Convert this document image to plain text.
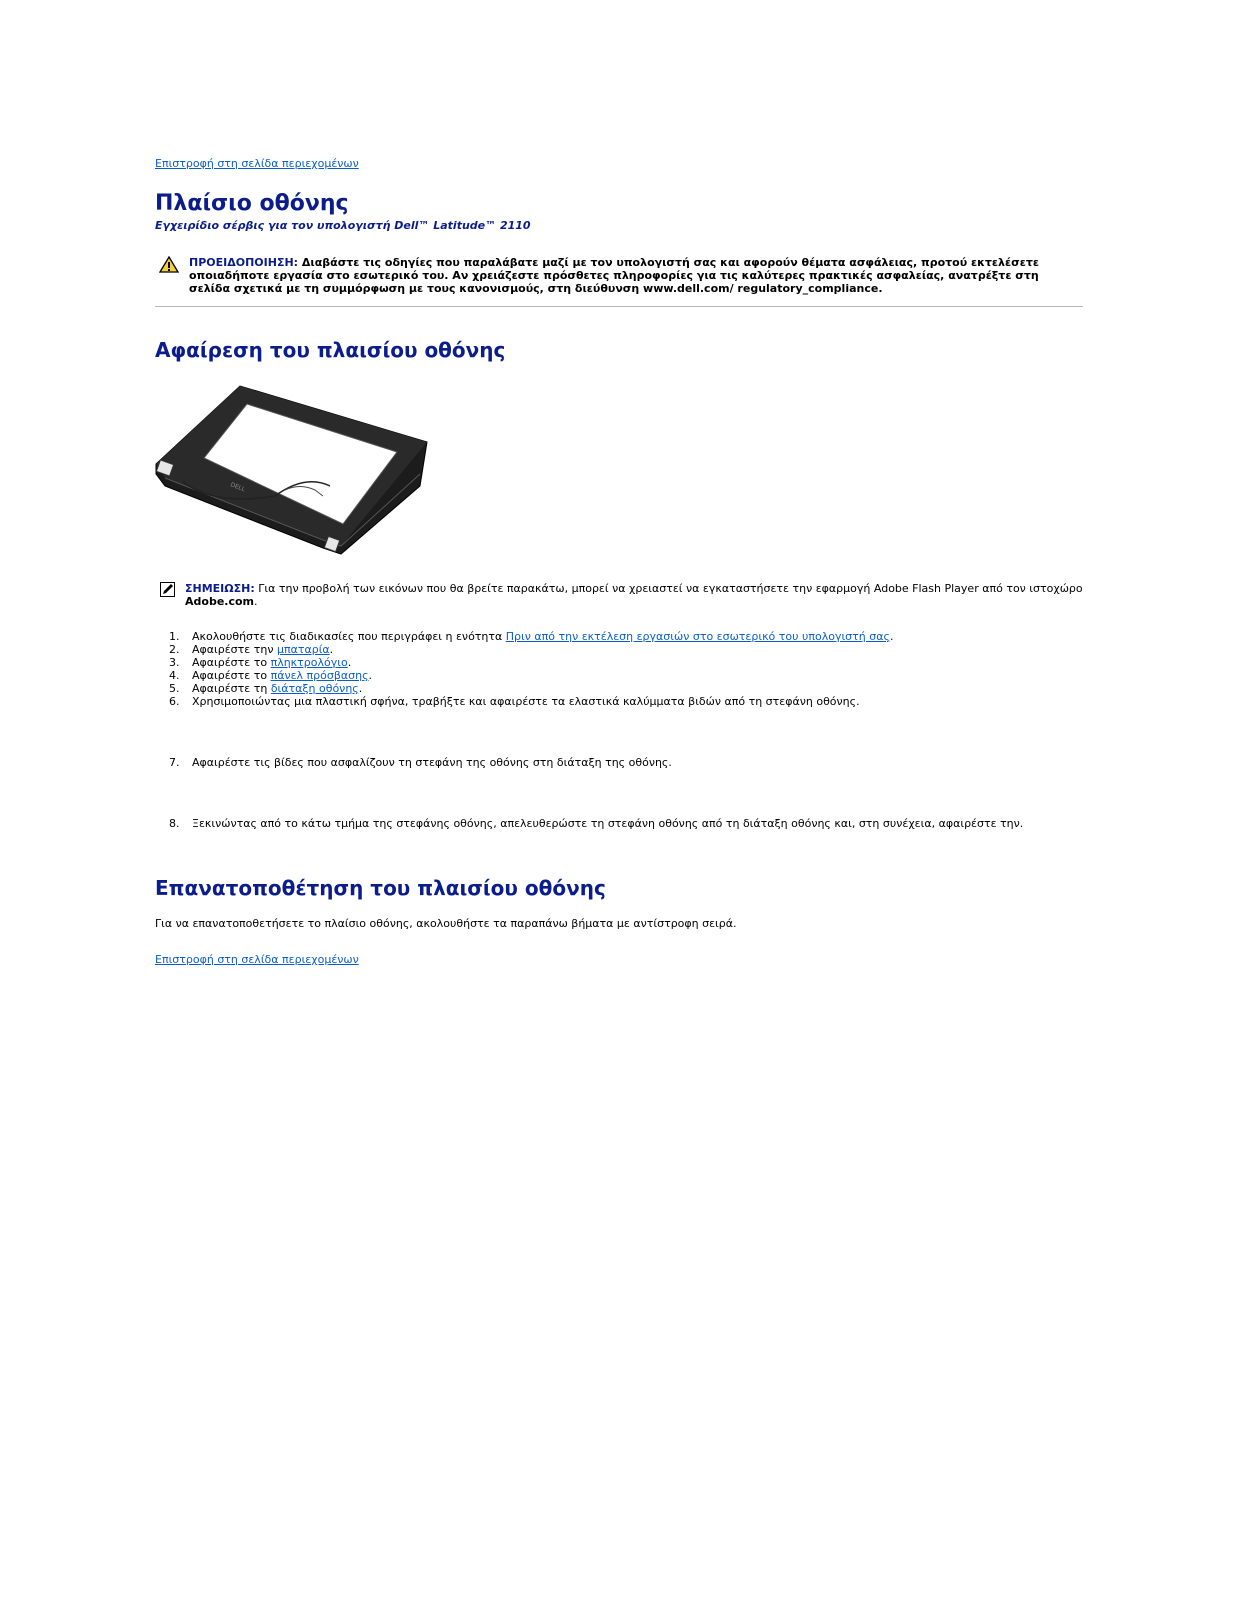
Επιστροφή στη σελίδα περιεχομένων
Πλαίσιο οθόνης
Εγχειρίδιο σέρβις για τον υπολογιστή Dell™ Latitude™ 2110
ΠΡΟΕΙΔΟΠΟΙΗΣΗ: Διαβάστε τις οδηγίες που παραλάβατε μαζί με τον υπολογιστή σας και αφορούν θέματα ασφάλειας, προτού εκτελέσετε οποιαδήποτε εργασία στο εσωτερικό του. Αν χρειάζεστε πρόσθετες πληροφορίες για τις καλύτερες πρακτικές ασφαλείας, ανατρέξτε στη σελίδα σχετικά με τη συμμόρφωση με τους κανονισμούς, στη διεύθυνση www.dell.com/ regulatory_compliance.
Αφαίρεση του πλαισίου οθόνης
DELL
ΣΗΜΕΙΩΣΗ: Για την προβολή των εικόνων που θα βρείτε παρακάτω, μπορεί να χρειαστεί να εγκαταστήσετε την εφαρμογή Adobe Flash Player από τον ιστοχώρο Adobe.com.
1. Ακολουθήστε τις διαδικασίες που περιγράφει η ενότητα Πριν από την εκτέλεση εργασιών στο εσωτερικό του υπολογιστή σας.
2. Αφαιρέστε την μπαταρία.
3. Αφαιρέστε το πληκτρολόγιο.
4. Αφαιρέστε το πάνελ πρόσβασης.
5. Αφαιρέστε τη διάταξη οθόνης.
6. Χρησιμοποιώντας μια πλαστική σφήνα, τραβήξτε και αφαιρέστε τα ελαστικά καλύμματα βιδών από τη στεφάνη οθόνης.
7. Αφαιρέστε τις βίδες που ασφαλίζουν τη στεφάνη της οθόνης στη διάταξη της οθόνης.
8. Ξεκινώντας από το κάτω τμήμα της στεφάνης οθόνης, απελευθερώστε τη στεφάνη οθόνης από τη διάταξη οθόνης και, στη συνέχεια, αφαιρέστε την.
Επανατοποθέτηση του πλαισίου οθόνης
Για να επανατοποθετήσετε το πλαίσιο οθόνης, ακολουθήστε τα παραπάνω βήματα με αντίστροφη σειρά.
Επιστροφή στη σελίδα περιεχομένων
